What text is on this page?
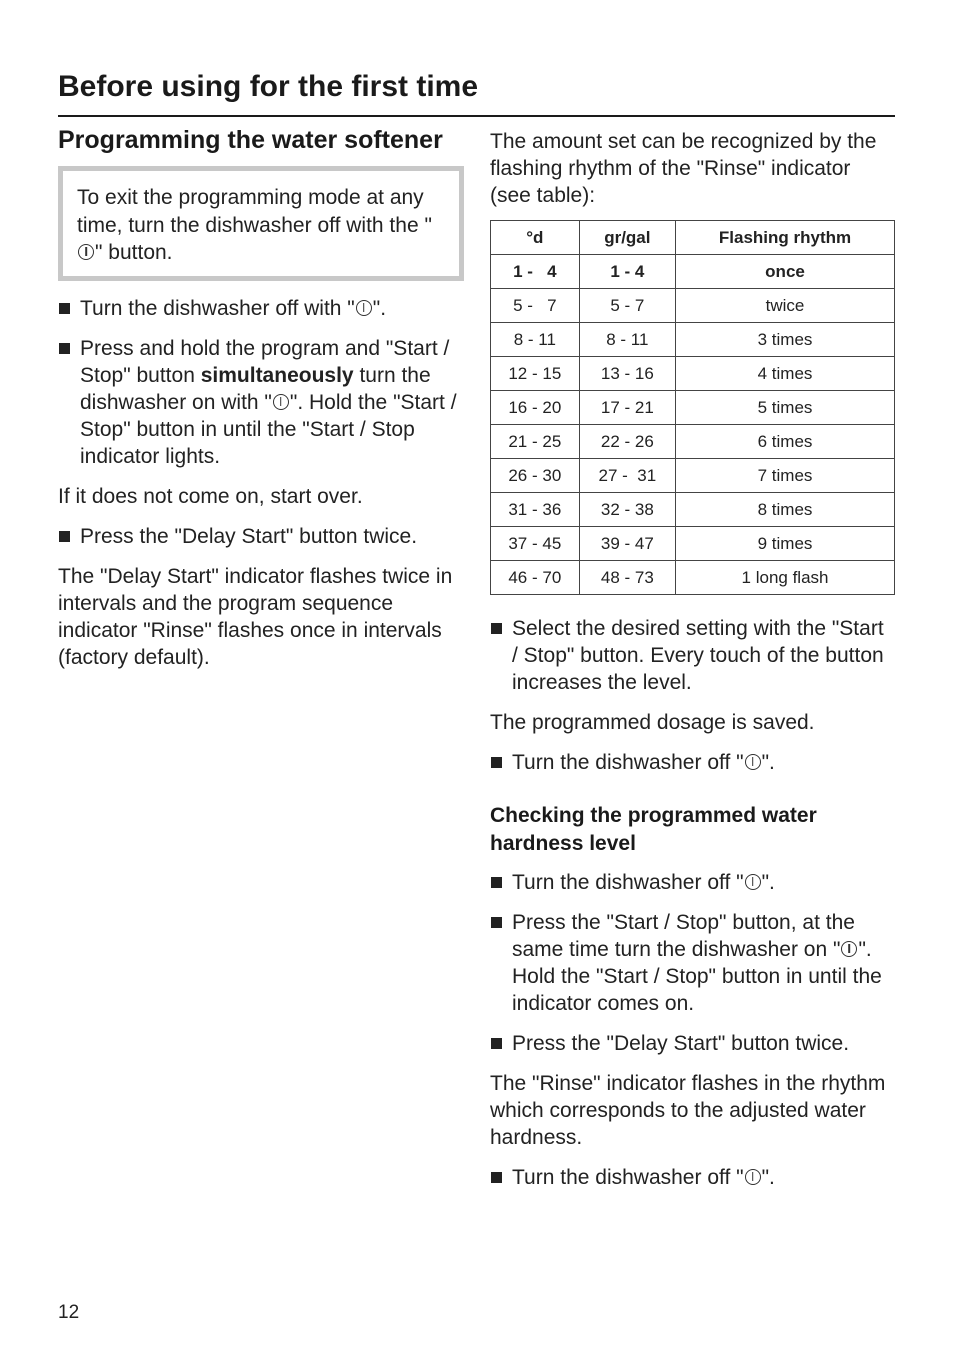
Before using for the first time
Programming the water softener
To exit the programming mode at any time, turn the dishwasher off with the "" button.
Turn the dishwasher off with " ".
Press and hold the program and "Start / Stop" button simultaneously turn the dishwasher on with " ". Hold the "Start / Stop" button in until the "Start / Stop indicator lights.

If it does not come on, start over.

Press the "Delay Start" button twice.

The "Delay Start" indicator flashes twice in intervals and the program sequence indicator "Rinse" flashes once in intervals (factory default).

The amount set can be recognized by the flashing rhythm of the "Rinse" indicator (see table):

°d	gr/gal	Flashing rhythm
1 -   4	1 - 4	once
5 -   7	5 - 7	twice
8 - 11	8 - 11	3 times
12 - 15	13 - 16	4 times
16 - 20	17 - 21	5 times
21 - 25	22 - 26	6 times
26 - 30	27 -  31	7 times
31 - 36	32 - 38	8 times
37 - 45	39 - 47	9 times
46 - 70	48 - 73	1 long flash
Select the desired setting with the "Start / Stop" button. Every touch of the button increases the level.

The programmed dosage is saved.

Turn the dishwasher off " ".
Checking the programmed water hardness level
Turn the dishwasher off " ".
Press the "Start / Stop" button, at the same time turn the dishwasher on " ".
Hold the "Start / Stop" button in until the indicator comes on.
Press the "Delay Start" button twice.

The "Rinse" indicator flashes in the rhythm which corresponds to the adjusted water hardness.

Turn the dishwasher off " ".
12
